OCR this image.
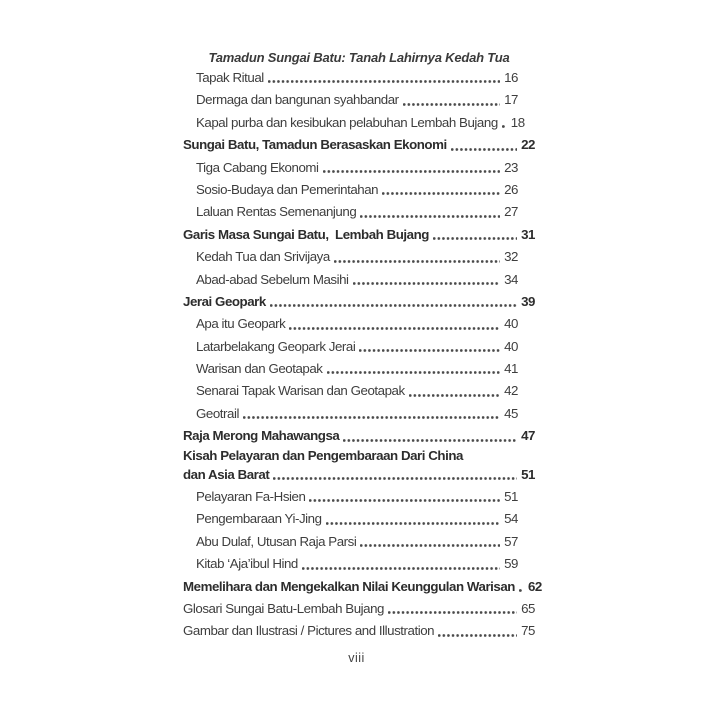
Tamadun Sungai Batu: Tanah Lahirnya Kedah Tua
Tapak Ritual	16
Dermaga dan bangunan syahbandar	17
Kapal purba dan kesibukan pelabuhan Lembah Bujang 18
Sungai Batu, Tamadun Berasaskan Ekonomi	22
Tiga Cabang Ekonomi	23
Sosio-Budaya dan Pemerintahan	26
Laluan Rentas Semenanjung	27
Garis Masa Sungai Batu,  Lembah Bujang	31
Kedah Tua dan Srivijaya	32
Abad-abad Sebelum Masihi	34
Jerai Geopark	39
Apa itu Geopark	40
Latarbelakang Geopark Jerai	40
Warisan dan Geotapak	41
Senarai Tapak Warisan dan Geotapak	42
Geotrail	45
Raja Merong Mahawangsa	47
Kisah Pelayaran dan Pengembaraan Dari China
dan Asia Barat	51
Pelayaran Fa-Hsien	51
Pengembaraan Yi-Jing	54
Abu Dulaf, Utusan Raja Parsi	57
Kitab ‘Aja’ibul Hind	59
Memelihara dan Mengekalkan Nilai Keunggulan Warisan 62
Glosari Sungai Batu-Lembah Bujang	65
Gambar dan Ilustrasi / Pictures and Illustration	75
viii
